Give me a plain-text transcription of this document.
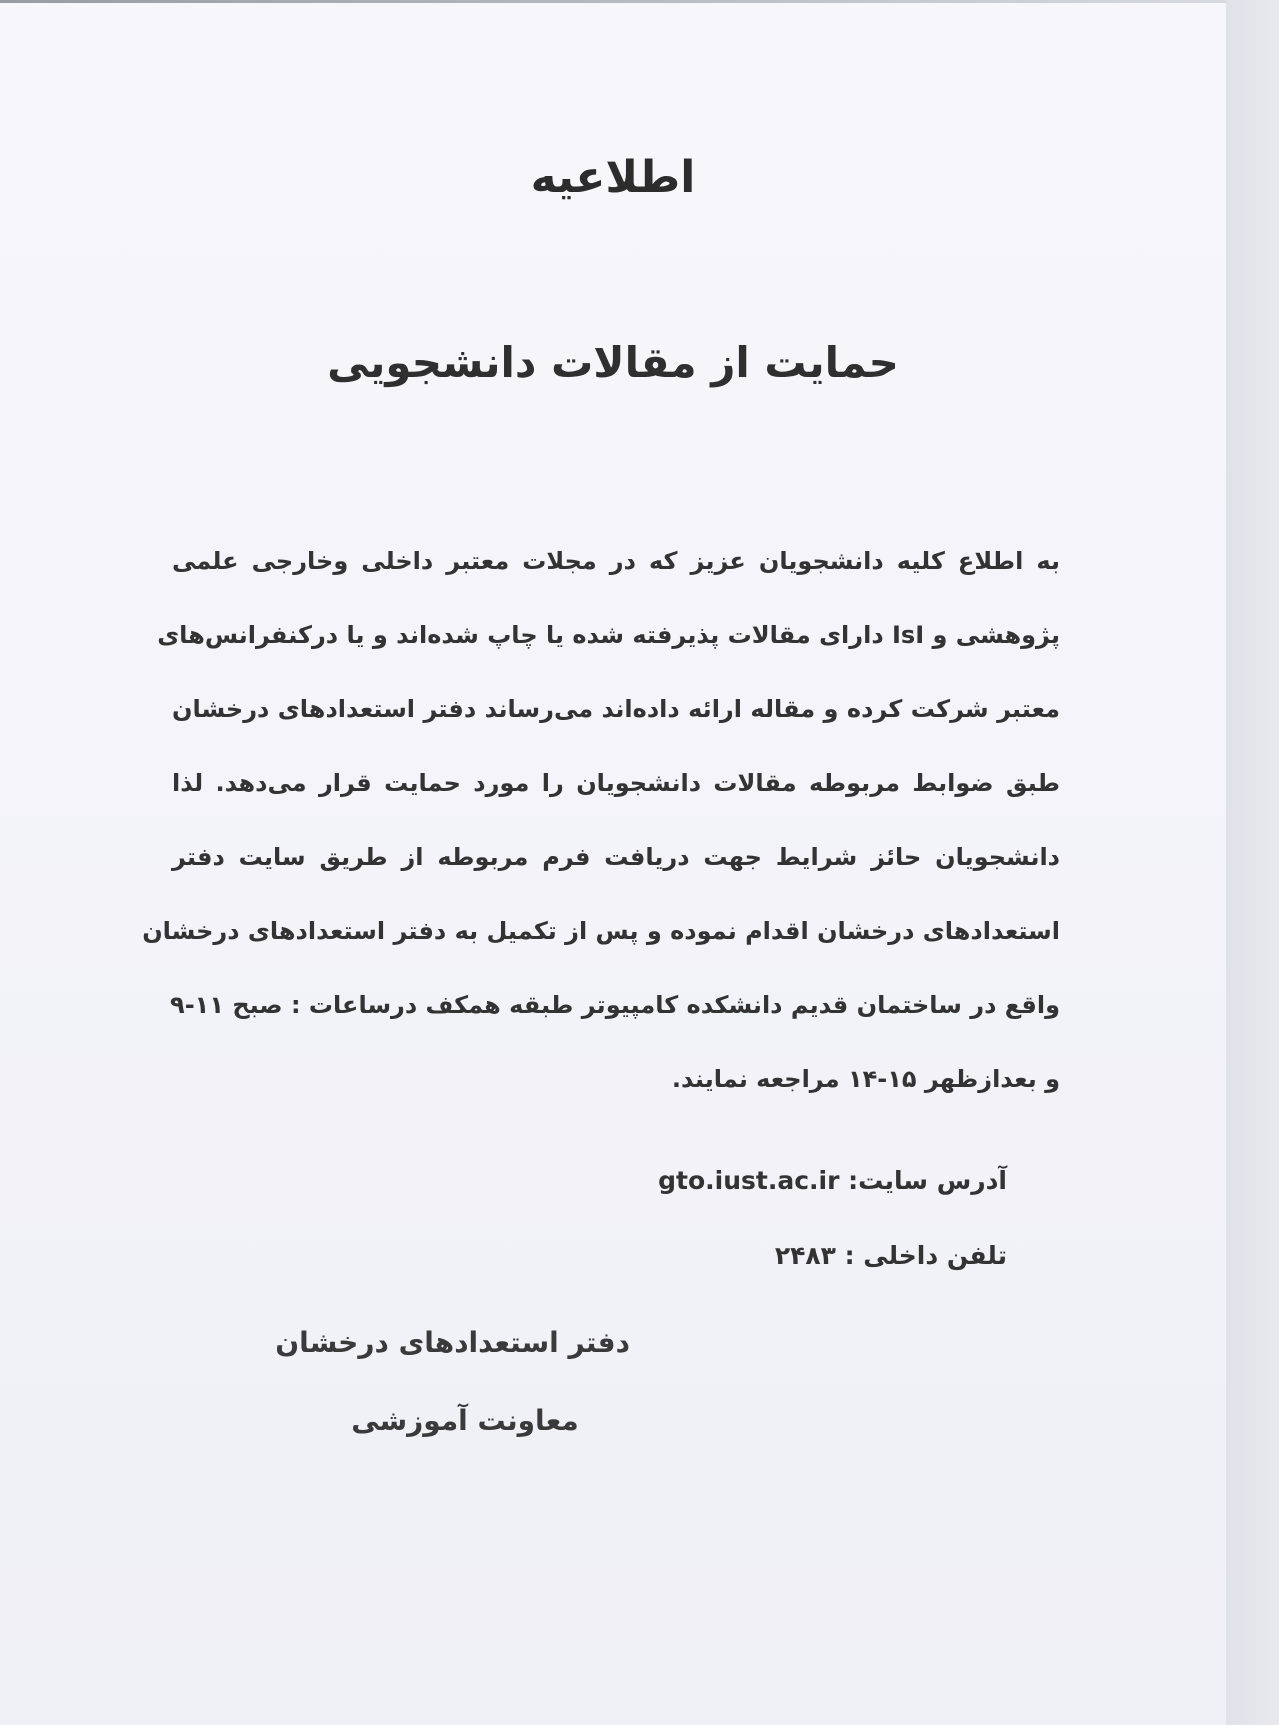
اطلاعیه
حمایت از مقالات دانشجویی
به اطلاع کلیه دانشجویان عزیز که در مجلات معتبر داخلی وخارجی علمی
پژوهشی و IsI دارای مقالات پذیرفته شده یا چاپ شده‌اند و یا درکنفرانس‌های
معتبر شرکت کرده و مقاله ارائه داده‌اند می‌رساند دفتر استعدادهای درخشان
طبق ضوابط مربوطه مقالات دانشجویان را مورد حمایت قرار می‌دهد. لذا
دانشجویان حائز شرایط جهت دریافت فرم مربوطه از طریق سایت دفتر
استعدادهای درخشان اقدام نموده و پس از تکمیل به دفتر استعدادهای درخشان
واقع در ساختمان قدیم دانشکده کامپیوتر طبقه همکف درساعات : صبح ۱۱-۹
و بعدازظهر ۱۵-۱۴ مراجعه نمایند.
آدرس سایت: gto.iust.ac.ir
تلفن داخلی : ۲۴۸۳
دفتر استعدادهای درخشان
معاونت آموزشی
